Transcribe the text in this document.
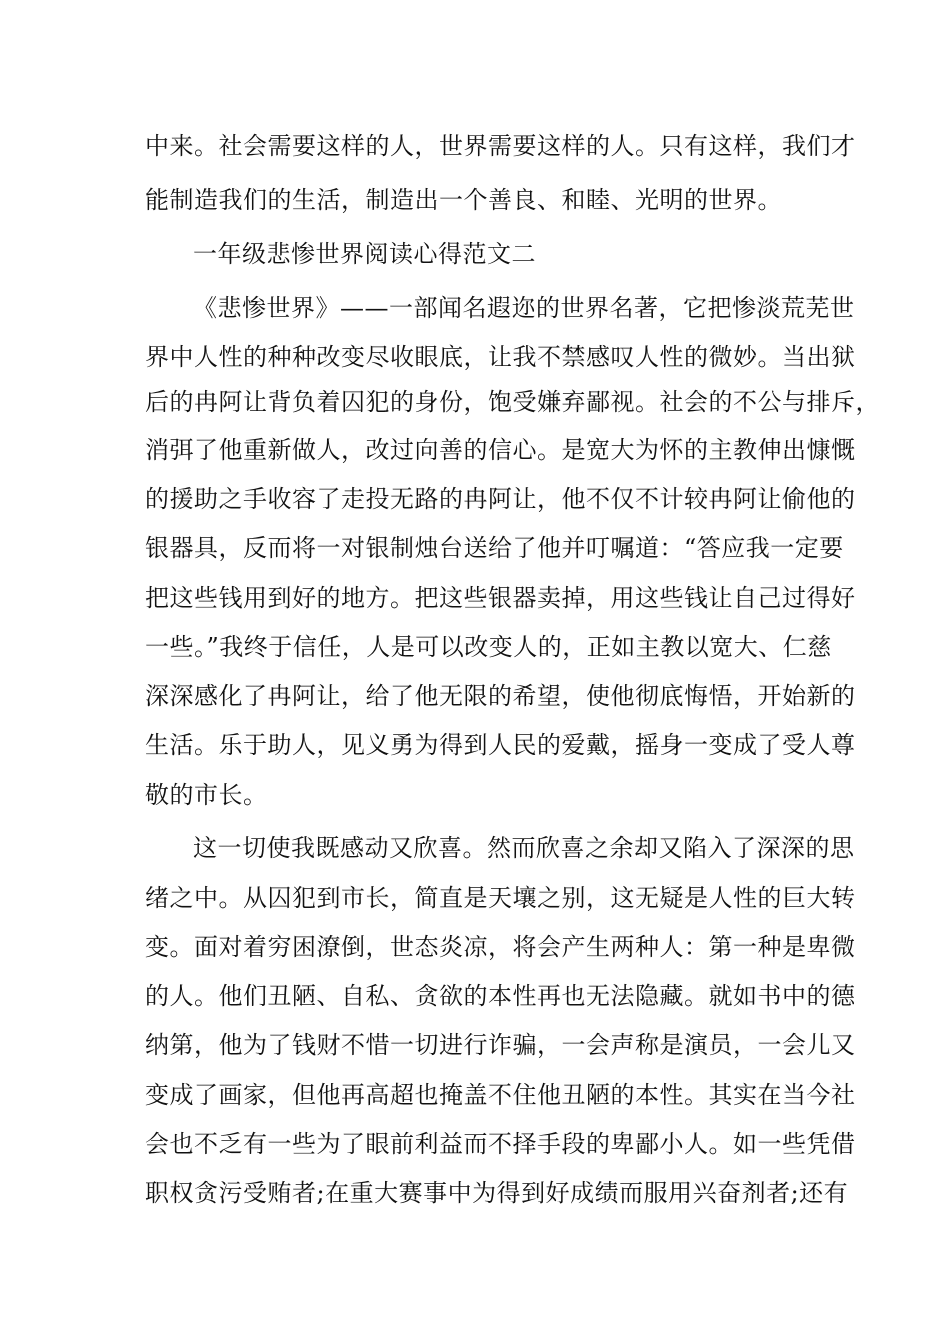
中来。社会需要这样的人，世界需要这样的人。只有这样，我们才
能制造我们的生活，制造出一个善良、和睦、光明的世界。
一年级悲惨世界阅读心得范文二
《悲惨世界》——一部闻名遐迩的世界名著，它把惨淡荒芜世
界中人性的种种改变尽收眼底，让我不禁感叹人性的微妙。当出狱
后的冉阿让背负着囚犯的身份，饱受嫌弃鄙视。社会的不公与排斥，
消弭了他重新做人，改过向善的信心。是宽大为怀的主教伸出慷慨
的援助之手收容了走投无路的冉阿让，他不仅不计较冉阿让偷他的
银器具，反而将一对银制烛台送给了他并叮嘱道：“答应我一定要
把这些钱用到好的地方。把这些银器卖掉，用这些钱让自己过得好
一些。”我终于信任，人是可以改变人的，正如主教以宽大、仁慈
深深感化了冉阿让，给了他无限的希望，使他彻底悔悟，开始新的
生活。乐于助人，见义勇为得到人民的爱戴，摇身一变成了受人尊
敬的市长。
这一切使我既感动又欣喜。然而欣喜之余却又陷入了深深的思
绪之中。从囚犯到市长，简直是天壤之别，这无疑是人性的巨大转
变。面对着穷困潦倒，世态炎凉，将会产生两种人：第一种是卑微
的人。他们丑陋、自私、贪欲的本性再也无法隐藏。就如书中的德
纳第，他为了钱财不惜一切进行诈骗，一会声称是演员，一会儿又
变成了画家，但他再高超也掩盖不住他丑陋的本性。其实在当今社
会也不乏有一些为了眼前利益而不择手段的卑鄙小人。如一些凭借
职权贪污受贿者;在重大赛事中为得到好成绩而服用兴奋剂者;还有
